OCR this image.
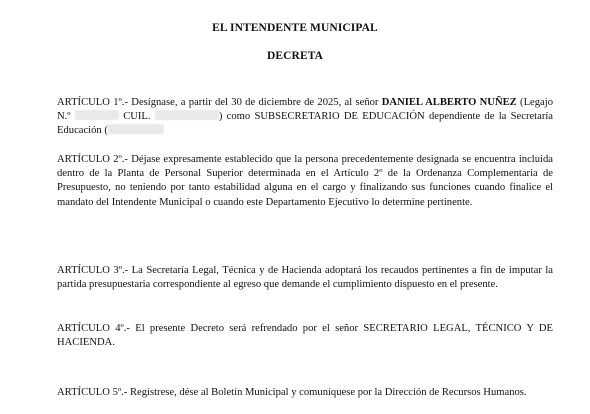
EL INTENDENTE MUNICIPAL
DECRETA
ARTÍCULO 1º.- Desígnase, a partir del 30 de diciembre de 2025, al señor DANIEL ALBERTO NUÑEZ (Legajo N.º	CUIL.	) como SUBSECRETARIO DE EDUCACIÓN dependiente de la Secretaría Educación (
ARTÍCULO 2º.- Déjase expresamente establecido que la persona precedentemente designada se encuentra incluida dentro de la Planta de Personal Superior determinada en el Artículo 2º de la Ordenanza Complementaria de Presupuesto, no teniendo por tanto estabilidad alguna en el cargo y finalizando sus funciones cuando finalice el mandato del Intendente Municipal o cuando este Departamento Ejecutivo lo determine pertinente.
ARTÍCULO 3º.- La Secretaría Legal, Técnica y de Hacienda adoptará los recaudos pertinentes a fin de imputar la partida presupuestaria correspondiente al egreso que demande el cumplimiento dispuesto en el presente.
ARTÍCULO 4º.- El presente Decreto será refrendado por el señor SECRETARIO LEGAL, TÉCNICO Y DE HACIENDA.
ARTÍCULO 5º.- Regístrese, dése al Boletín Municipal y comuníquese por la Dirección de Recursos Humanos.
